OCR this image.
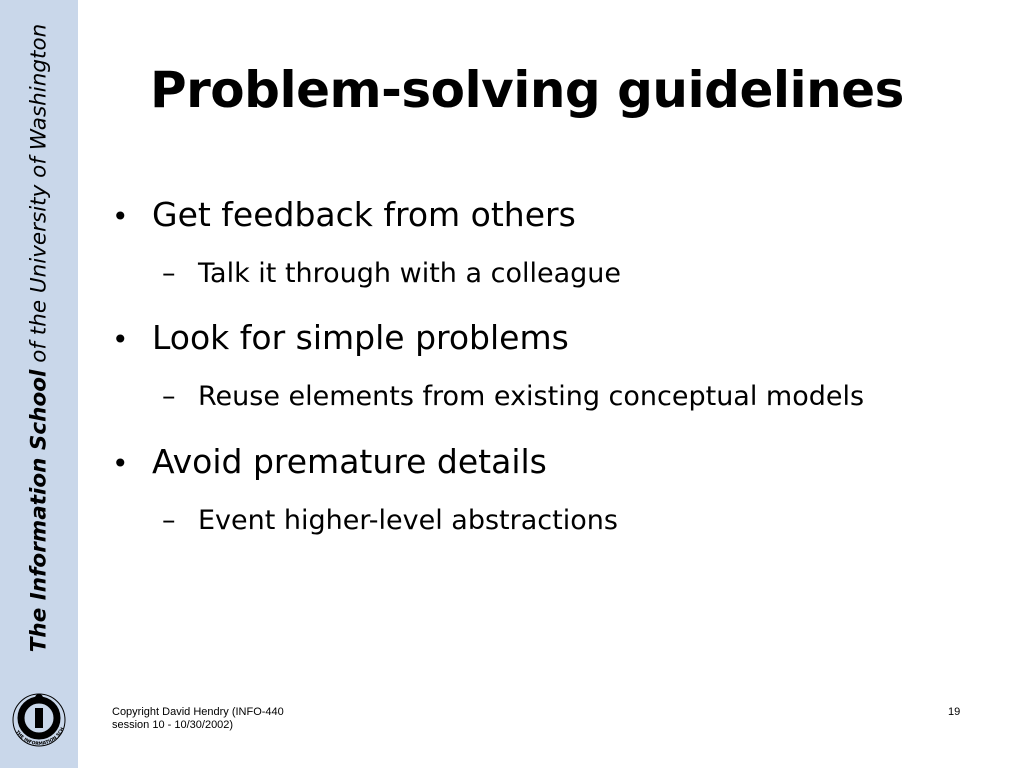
The Information School of the University of Washington
THE INFORMATION SCH
Problem-solving guidelines
• Get feedback from others
– Talk it through with a colleague
• Look for simple problems
– Reuse elements from existing conceptual models
• Avoid premature details
– Event higher-level abstractions
Copyright David Hendry (INFO-440
session 10 - 10/30/2002)
19
